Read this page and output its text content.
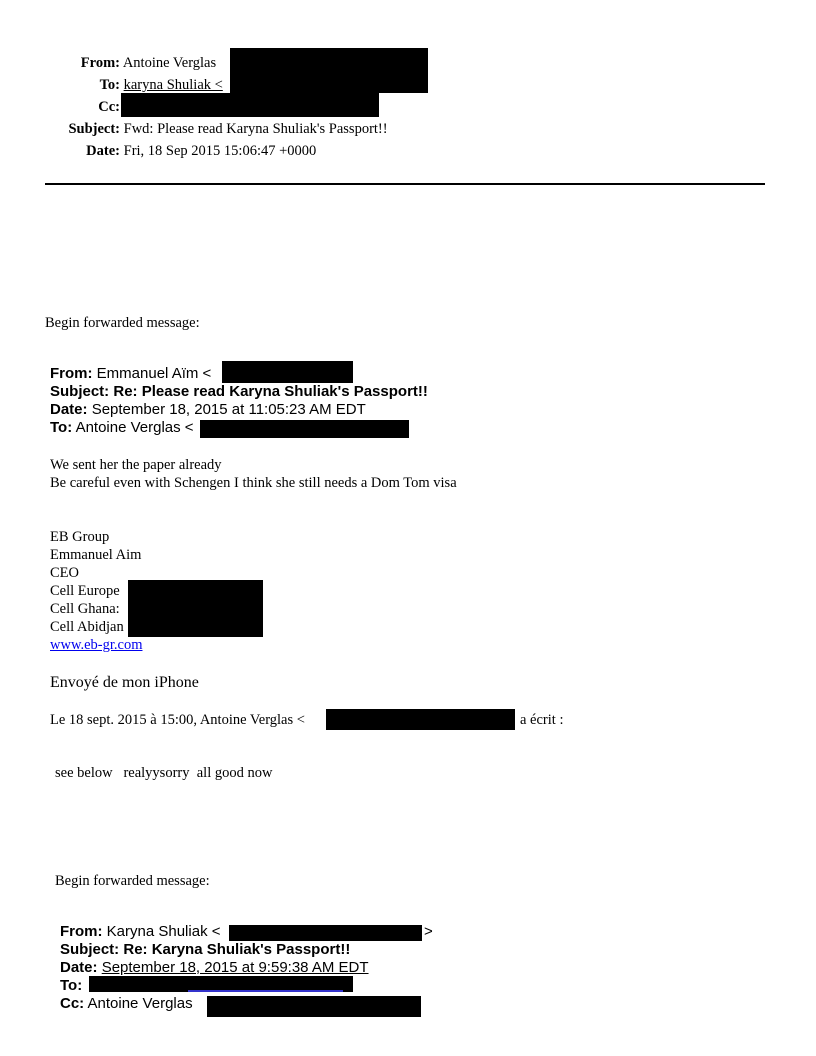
From: Antoine Verglas
To: karyna Shuliak <
Cc:
Subject: Fwd: Please read Karyna Shuliak's Passport!!
Date: Fri, 18 Sep 2015 15:06:47 +0000
Begin forwarded message:
From: Emmanuel Aïm <
Subject: Re: Please read Karyna Shuliak's Passport!!
Date: September 18, 2015 at 11:05:23 AM EDT
To: Antoine Verglas <
We sent her the paper already
Be careful even with Schengen I think she still needs a Dom Tom visa
EB Group
Emmanuel Aim
CEO
Cell Europe
Cell Ghana:
Cell Abidjan
www.eb-gr.com
Envoyé de mon iPhone
Le 18 sept. 2015 à 15:00, Antoine Verglas <	a écrit :
see below   realyysorry  all good now
Begin forwarded message:
From: Karyna Shuliak <	>
Subject: Re: Karyna Shuliak's Passport!!
Date: September 18, 2015 at 9:59:38 AM EDT
To:
Cc: Antoine Verglas
